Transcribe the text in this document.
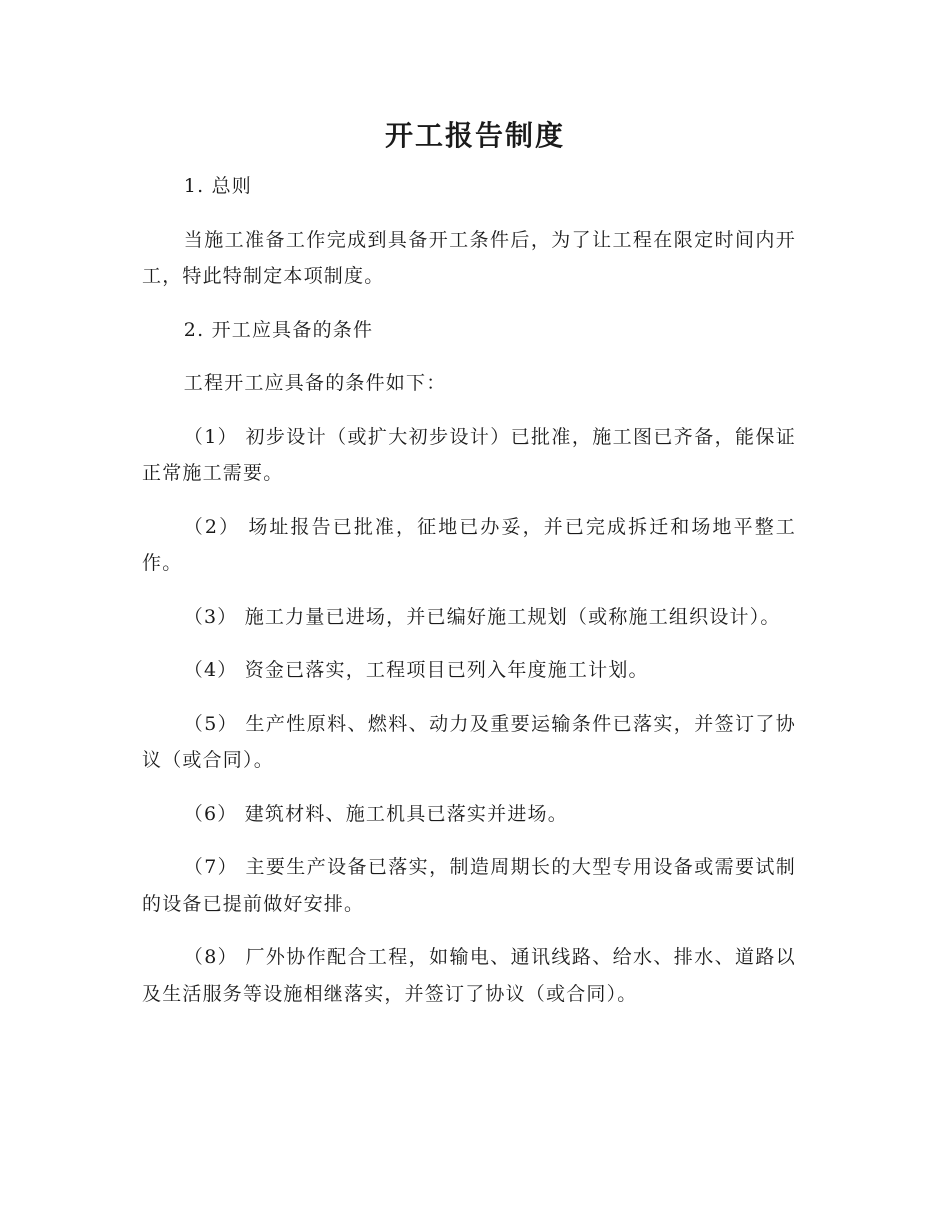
开工报告制度

1. 总则

当施工准备工作完成到具备开工条件后，为了让工程在限定时间内开工，特此特制定本项制度。

2. 开工应具备的条件

工程开工应具备的条件如下：

（1） 初步设计（或扩大初步设计）已批准，施工图已齐备，能保证正常施工需要。

（2） 场址报告已批准，征地已办妥，并已完成拆迁和场地平整工作。

（3） 施工力量已进场，并已编好施工规划（或称施工组织设计）。

（4） 资金已落实，工程项目已列入年度施工计划。

（5） 生产性原料、燃料、动力及重要运输条件已落实，并签订了协议（或合同）。

（6） 建筑材料、施工机具已落实并进场。

（7） 主要生产设备已落实，制造周期长的大型专用设备或需要试制的设备已提前做好安排。

（8） 厂外协作配合工程，如输电、通讯线路、给水、排水、道路以及生活服务等设施相继落实，并签订了协议（或合同）。
